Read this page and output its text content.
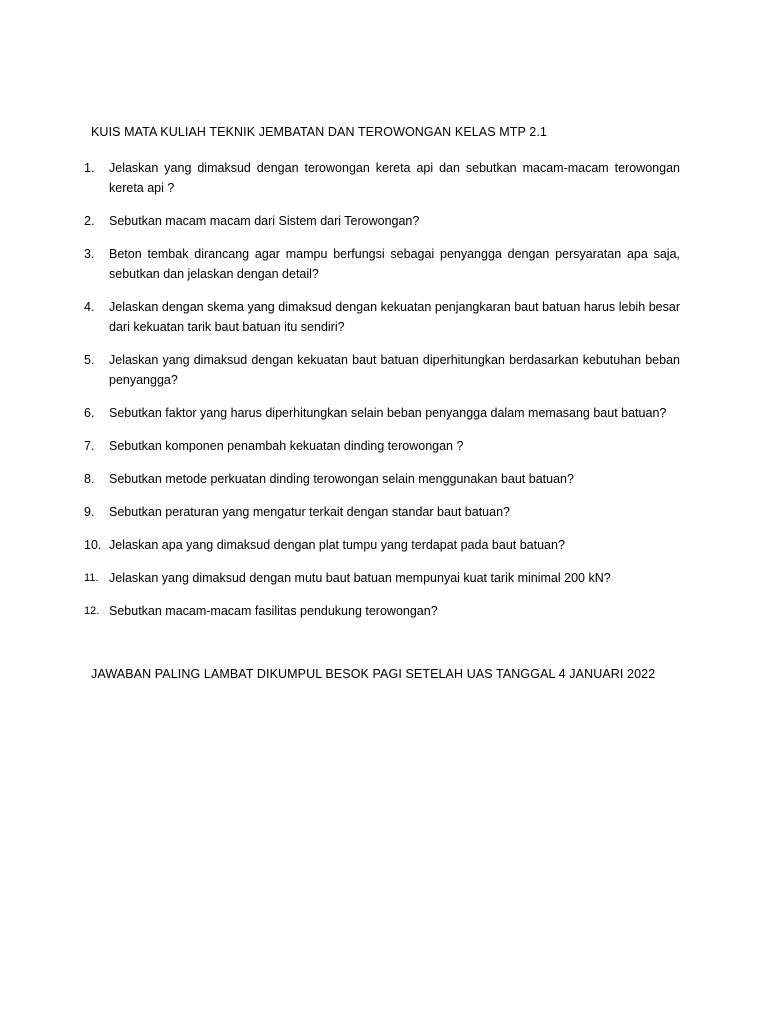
KUIS MATA KULIAH TEKNIK JEMBATAN DAN TEROWONGAN KELAS MTP 2.1
1.	Jelaskan yang dimaksud dengan terowongan kereta api dan sebutkan macam-macam terowongan kereta api ?
2.	Sebutkan macam macam dari Sistem dari Terowongan?
3.	Beton tembak dirancang agar mampu berfungsi sebagai penyangga dengan persyaratan apa saja, sebutkan dan jelaskan dengan detail?
4.	Jelaskan dengan skema yang dimaksud dengan kekuatan penjangkaran baut batuan harus lebih besar dari kekuatan tarik baut batuan itu sendiri?
5.	Jelaskan yang dimaksud dengan kekuatan baut batuan diperhitungkan berdasarkan kebutuhan beban penyangga?
6.	Sebutkan faktor yang harus diperhitungkan selain beban penyangga dalam memasang baut batuan?
7.	Sebutkan komponen penambah kekuatan dinding terowongan ?
8.	Sebutkan metode perkuatan dinding terowongan selain menggunakan baut batuan?
9.	Sebutkan peraturan yang mengatur terkait dengan standar baut batuan?
10. Jelaskan apa yang dimaksud dengan plat tumpu yang terdapat pada baut batuan?
11. Jelaskan yang dimaksud dengan mutu baut batuan mempunyai kuat tarik minimal 200 kN?
12. Sebutkan macam-macam fasilitas pendukung terowongan?
JAWABAN PALING LAMBAT DIKUMPUL BESOK PAGI SETELAH UAS TANGGAL 4 JANUARI 2022
